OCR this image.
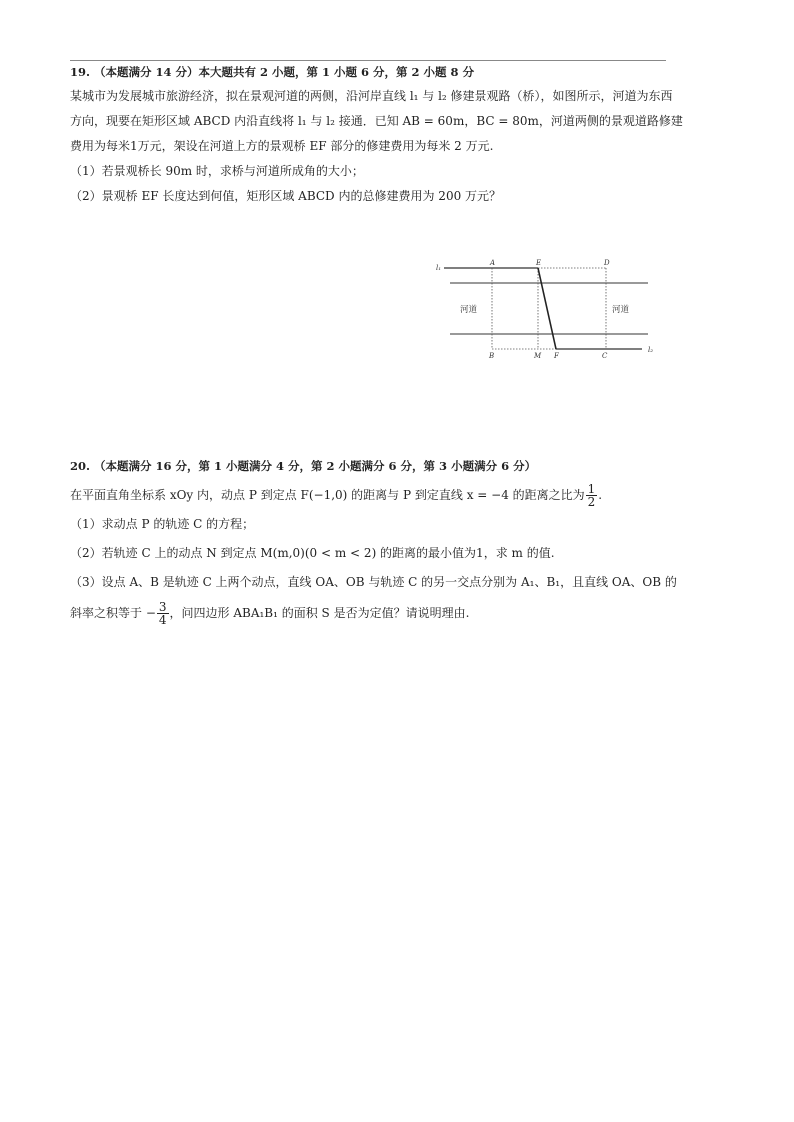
19. （本题满分 14 分）本大题共有 2 小题，第 1 小题 6 分，第 2 小题 8 分

某城市为发展城市旅游经济，拟在景观河道的两侧，沿河岸直线 l₁ 与 l₂ 修建景观路（桥），如图所示，河道为东西

方向，现要在矩形区域 ABCD 内沿直线将 l₁ 与 l₂ 接通．已知 AB = 60m，BC = 80m，河道两侧的景观道路修建

费用为每米1万元，架设在河道上方的景观桥 EF 部分的修建费用为每米 2 万元.

（1）若景观桥长 90m 时，求桥与河道所成角的大小；

（2）景观桥 EF 长度达到何值，矩形区域 ABCD 内的总修建费用为 200 万元？

l₁
A	E	D
B	M F	C
l₂
河道	河道
20. （本题满分 16 分，第 1 小题满分 4 分，第 2 小题满分 6 分，第 3 小题满分 6 分）

在平面直角坐标系 xOy 内，动点 P 到定点 F(−1,0) 的距离与 P 到定直线 x = −4 的距离之比为 $\frac{1}{2}$ .

（1）求动点 P 的轨迹 C 的方程；

（2）若轨迹 C 上的动点 N 到定点 M(m,0)(0 < m < 2) 的距离的最小值为1，求 m 的值.

（3）设点 A、B 是轨迹 C 上两个动点，直线 OA、OB 与轨迹 C 的另一交点分别为 A₁、B₁，且直线 OA、OB 的

斜率之积等于 − $\frac{3}{4}$ ，问四边形 ABA₁B₁ 的面积 S 是否为定值？请说明理由.
